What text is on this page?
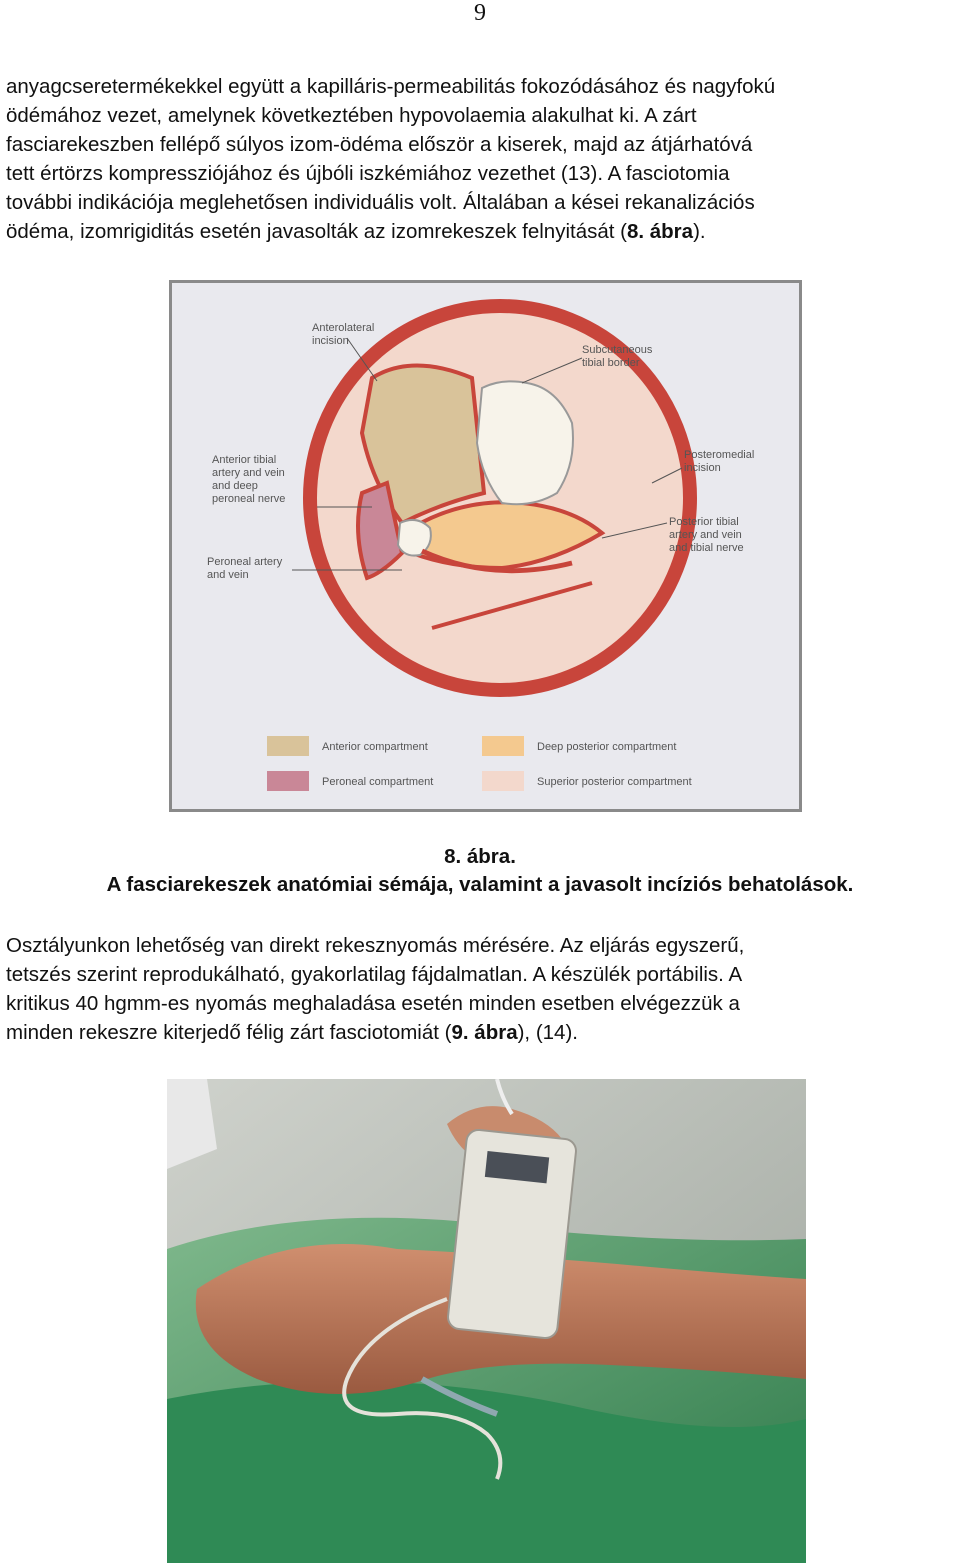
9

anyagcseretermékekkel együtt a kapilláris-permeabilitás fokozódásához és nagyfokú
ödémához vezet, amelynek következtében hypovolaemia alakulhat ki. A zárt
fasciarekeszben fellépő súlyos izom-ödéma először a kiserek, majd az átjárhatóvá
tett értörzs kompressziójához és újbóli iszkémiához vezethet (13). A fasciotomia
további indikációja meglehetősen individuális volt. Általában a kései rekanalizációs
ödéma, izomrigiditás esetén javasolták az izomrekeszek felnyitását (8. ábra).

Anterolateral
incision
Subcutaneous
tibial border
Anterior tibial
artery and vein
and deep
peroneal nerve
Posteromedial
incision
Peroneal artery
and vein
Posterior tibial
artery and vein
and tibial nerve
Anterior compartment	Deep posterior compartment
Peroneal compartment	Superior posterior compartment
8. ábra.
A fasciarekeszek anatómiai sémája, valamint a javasolt incíziós behatolások.

Osztályunkon lehetőség van direkt rekesznyomás mérésére. Az eljárás egyszerű,
tetszés szerint reprodukálható, gyakorlatilag fájdalmatlan. A készülék portábilis. A
kritikus 40 hgmm-es nyomás meghaladása esetén minden esetben elvégezzük a
minden rekeszre kiterjedő félig zárt fasciotomiát (9. ábra), (14).
